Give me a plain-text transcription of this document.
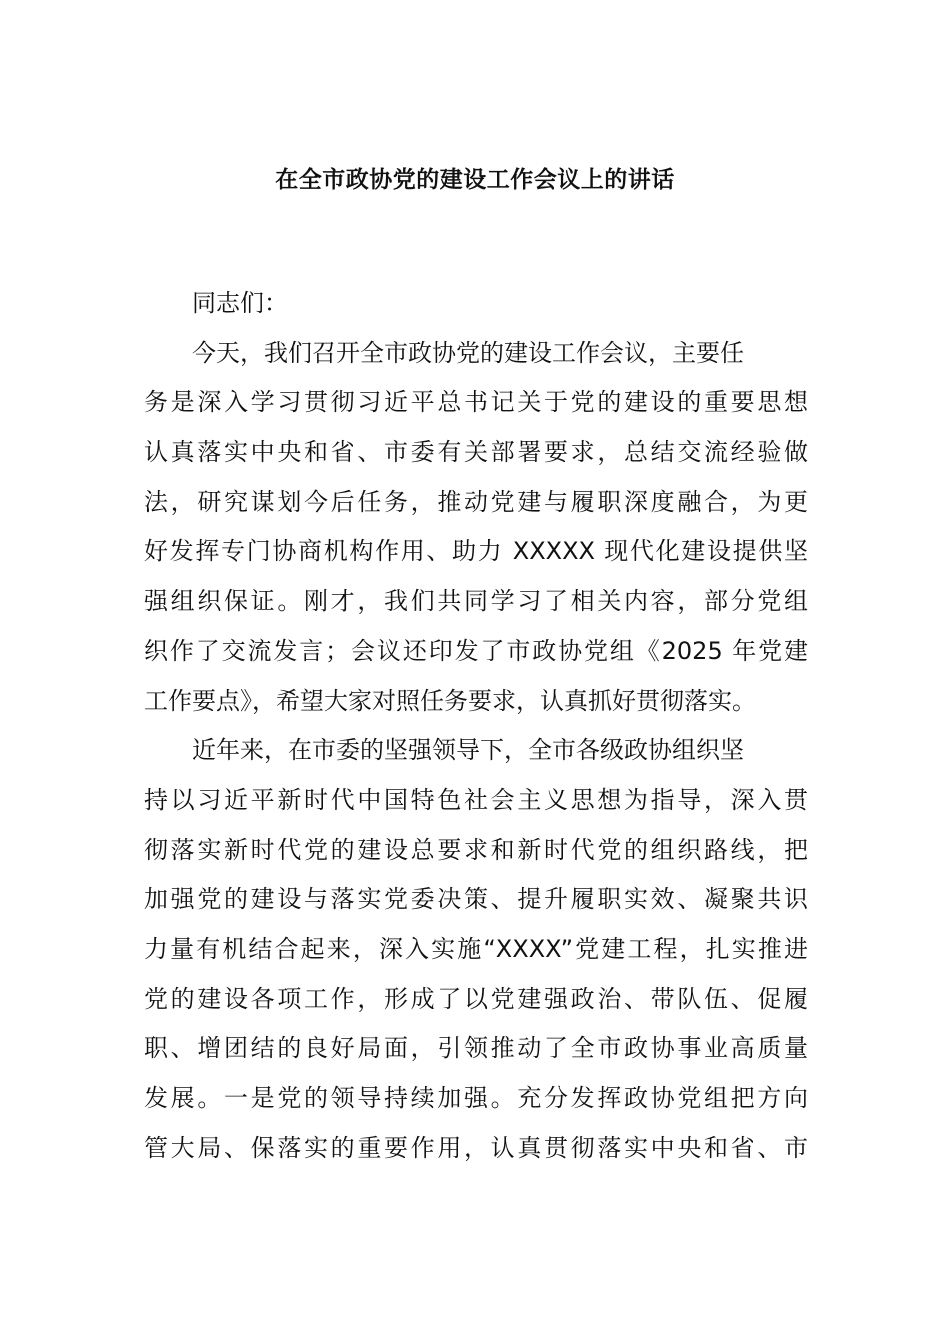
在全市政协党的建设工作会议上的讲话
同志们：
今天，我们召开全市政协党的建设工作会议，主要任
务是深入学习贯彻习近平总书记关于党的建设的重要思想
认真落实中央和省、市委有关部署要求，总结交流经验做
法，研究谋划今后任务，推动党建与履职深度融合，为更
好发挥专门协商机构作用、助力 XXXXX 现代化建设提供坚
强组织保证。刚才，我们共同学习了相关内容，部分党组
织作了交流发言；会议还印发了市政协党组《2025 年党建
工作要点》，希望大家对照任务要求，认真抓好贯彻落实。
近年来，在市委的坚强领导下，全市各级政协组织坚
持以习近平新时代中国特色社会主义思想为指导，深入贯
彻落实新时代党的建设总要求和新时代党的组织路线，把
加强党的建设与落实党委决策、提升履职实效、凝聚共识
力量有机结合起来，深入实施“XXXX”党建工程，扎实推进
党的建设各项工作，形成了以党建强政治、带队伍、促履
职、增团结的良好局面，引领推动了全市政协事业高质量
发展。一是党的领导持续加强。充分发挥政协党组把方向
管大局、保落实的重要作用，认真贯彻落实中央和省、市
